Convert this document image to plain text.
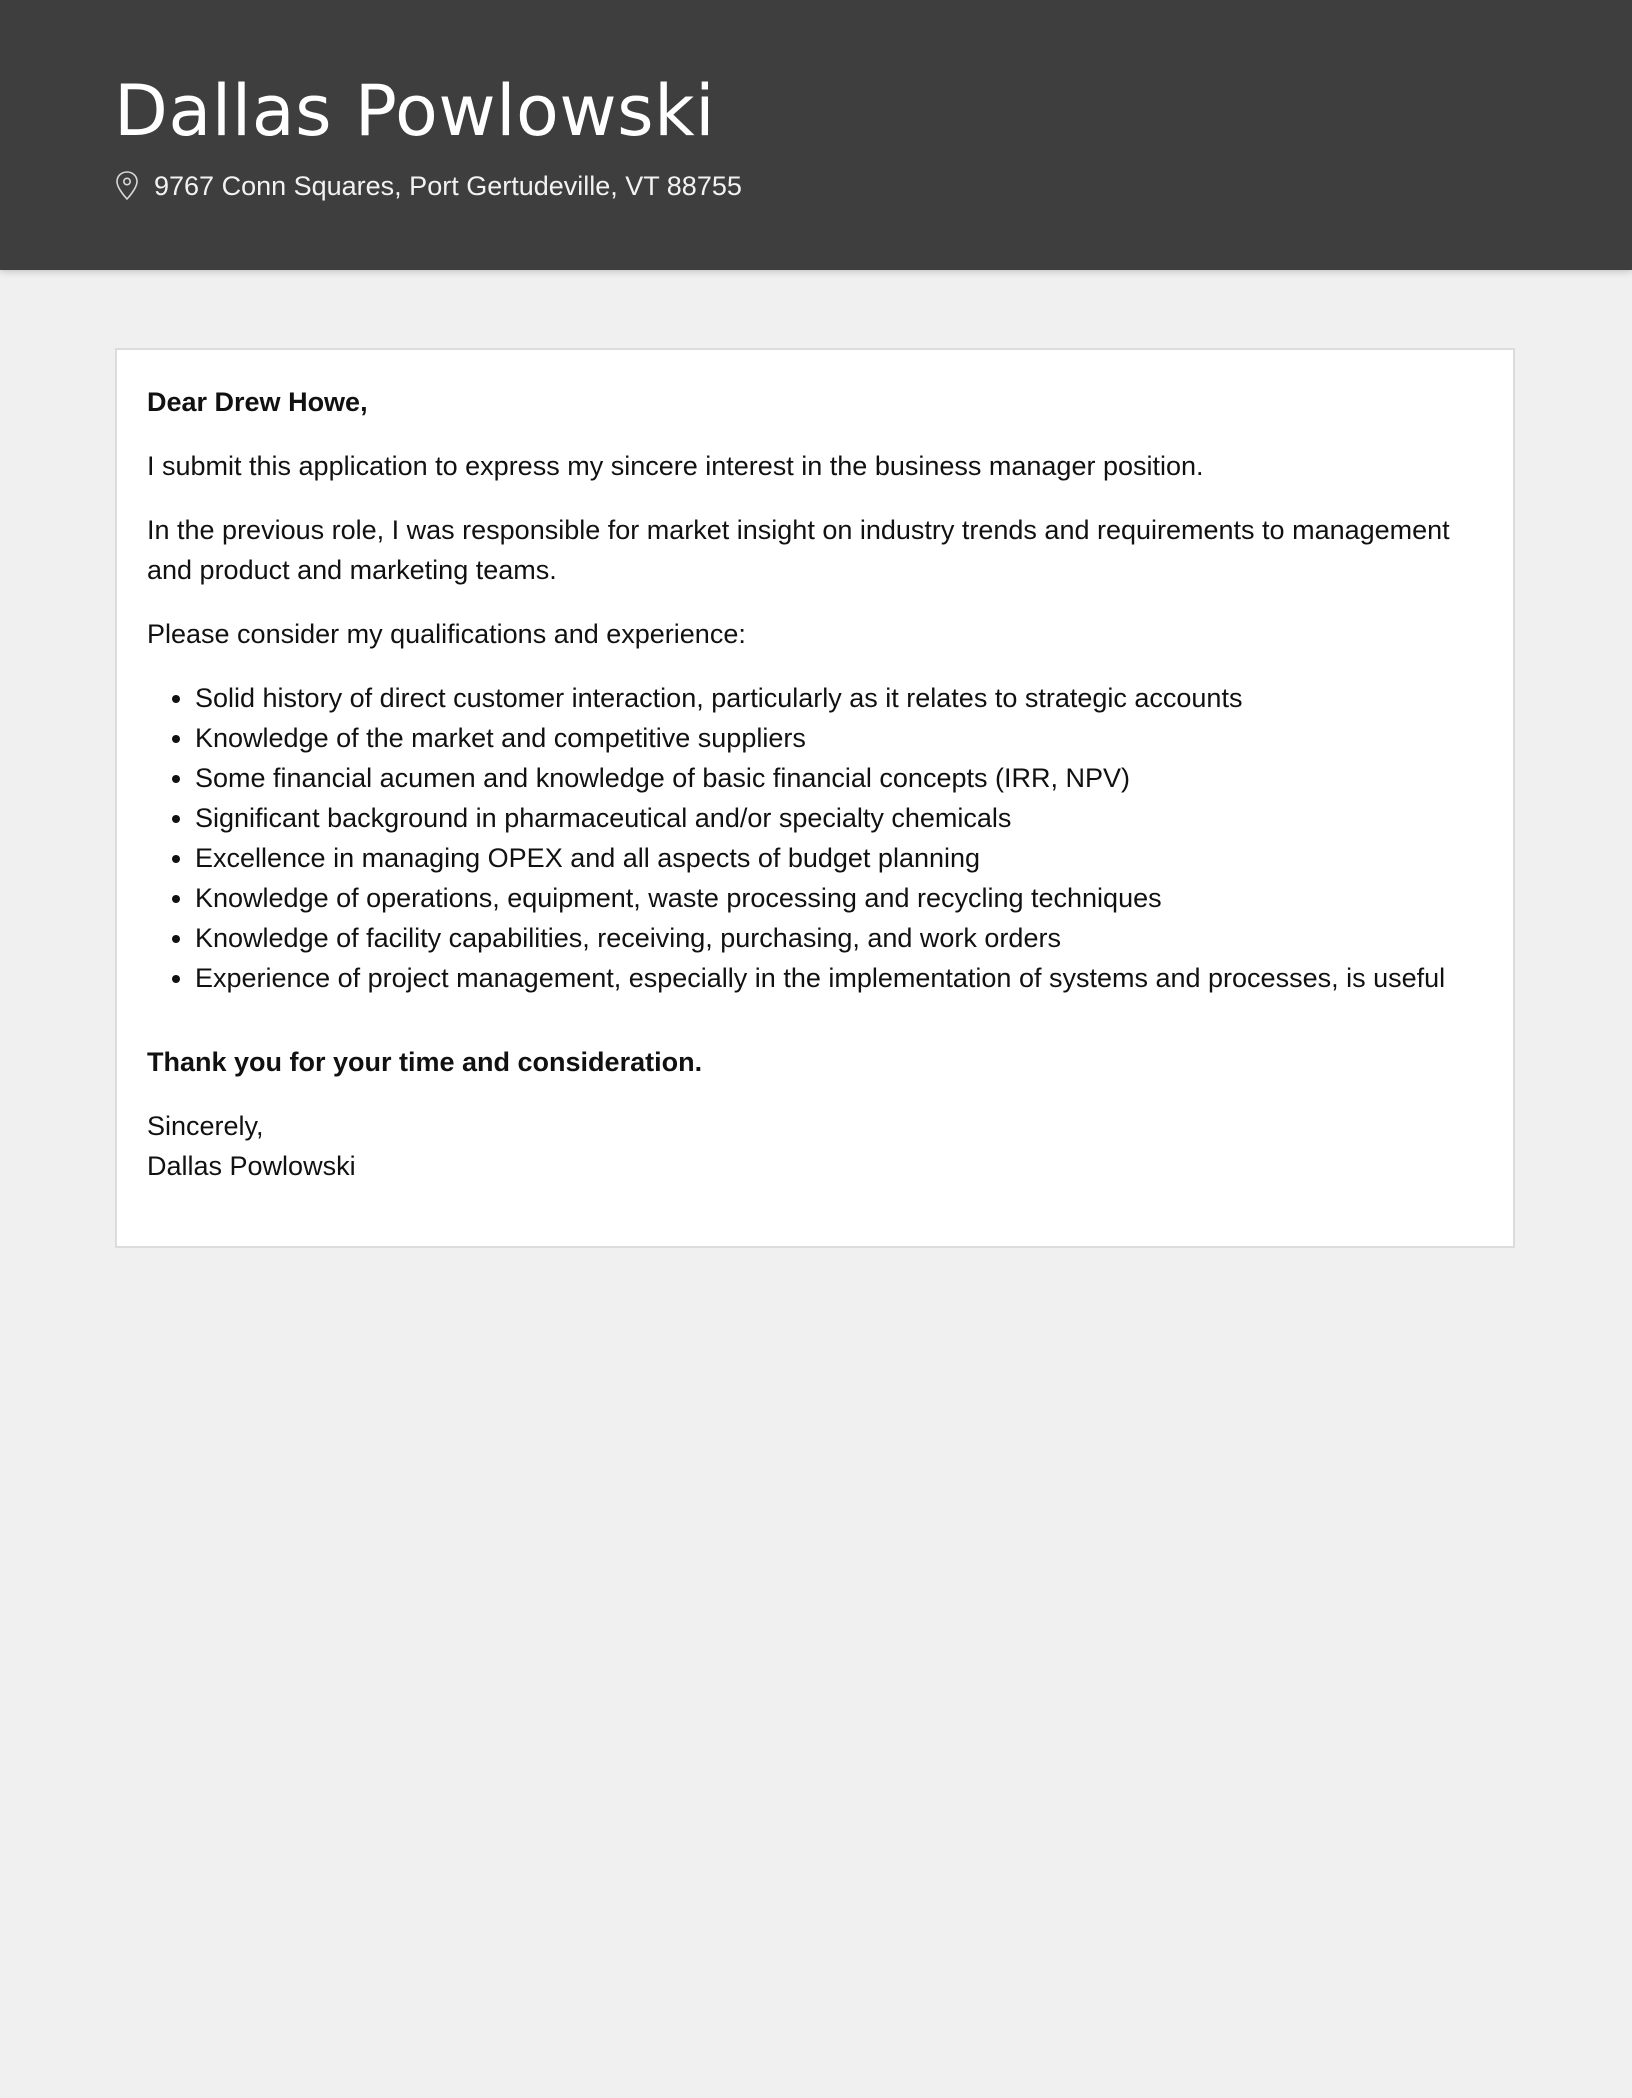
Dallas Powlowski
9767 Conn Squares, Port Gertudeville, VT 88755

Dear Drew Howe,

I submit this application to express my sincere interest in the business manager position.

In the previous role, I was responsible for market insight on industry trends and requirements to management and product and marketing teams.

Please consider my qualifications and experience:

• Solid history of direct customer interaction, particularly as it relates to strategic accounts
• Knowledge of the market and competitive suppliers
• Some financial acumen and knowledge of basic financial concepts (IRR, NPV)
• Significant background in pharmaceutical and/or specialty chemicals
• Excellence in managing OPEX and all aspects of budget planning
• Knowledge of operations, equipment, waste processing and recycling techniques
• Knowledge of facility capabilities, receiving, purchasing, and work orders
• Experience of project management, especially in the implementation of systems and processes, is useful

Thank you for your time and consideration.

Sincerely,

Dallas Powlowski
